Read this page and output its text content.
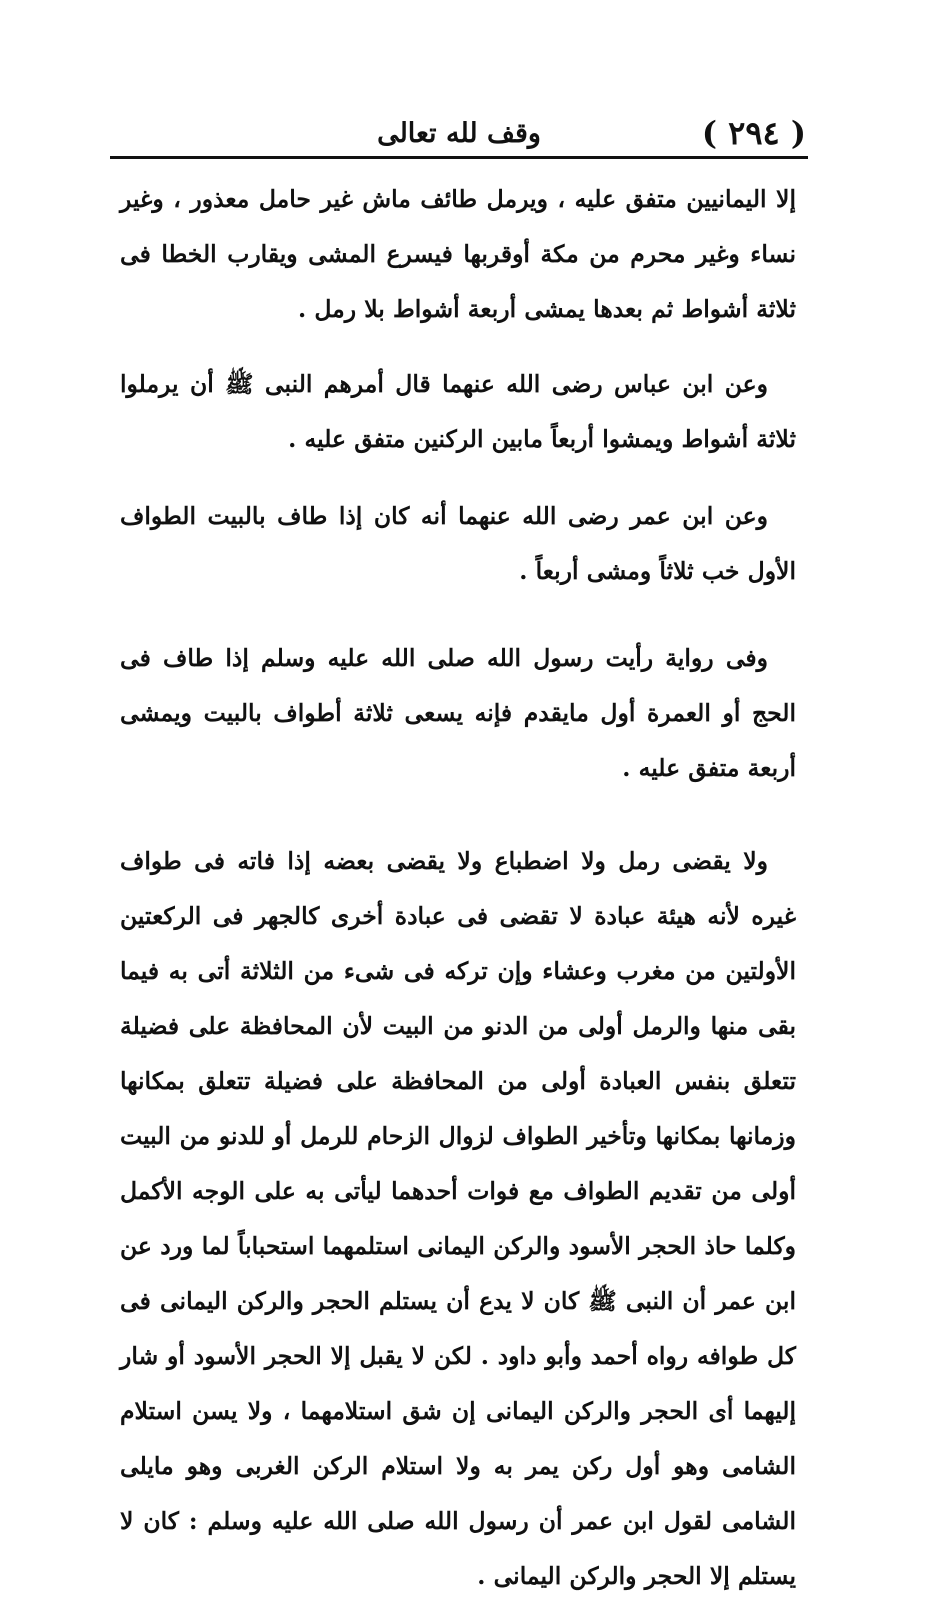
( ٢٩٤ )
وقف لله تعالى

إلا اليمانيين متفق عليه ، ويرمل طائف ماش غير حامل معذور ، وغير نساء وغير محرم من مكة أوقربها فيسرع المشى ويقارب الخطا فى ثلاثة أشواط ثم بعدها يمشى أربعة أشواط بلا رمل .

وعن ابن عباس رضى الله عنهما قال أمرهم النبى ﷺ أن يرملوا ثلاثة أشواط ويمشوا أربعاً مابين الركنين متفق عليه .

وعن ابن عمر رضى الله عنهما أنه كان إذا طاف بالبيت الطواف الأول خب ثلاثاً ومشى أربعاً .

وفى رواية رأيت رسول الله صلى الله عليه وسلم إذا طاف فى الحج أو العمرة أول مايقدم فإنه يسعى ثلاثة أطواف بالبيت ويمشى أربعة متفق عليه .

ولا يقضى رمل ولا اضطباع ولا يقضى بعضه إذا فاته فى طواف غيره لأنه هيئة عبادة لا تقضى فى عبادة أخرى كالجهر فى الركعتين الأولتين من مغرب وعشاء وإن تركه فى شىء من الثلاثة أتى به فيما بقى منها والرمل أولى من الدنو من البيت لأن المحافظة على فضيلة تتعلق بنفس العبادة أولى من المحافظة على فضيلة تتعلق بمكانها وزمانها بمكانها وتأخير الطواف لزوال الزحام للرمل أو للدنو من البيت أولى من تقديم الطواف مع فوات أحدهما ليأتى به على الوجه الأكمل وكلما حاذ الحجر الأسود والركن اليمانى استلمهما استحباباً لما ورد عن ابن عمر أن النبى ﷺ كان لا يدع أن يستلم الحجر والركن اليمانى فى كل طوافه رواه أحمد وأبو داود . لكن لا يقبل إلا الحجر الأسود أو شار إليهما أى الحجر والركن اليمانى إن شق استلامهما ، ولا يسن استلام الشامى وهو أول ركن يمر به ولا استلام الركن الغربى وهو مايلى الشامى لقول ابن عمر أن رسول الله صلى الله عليه وسلم : كان لا يستلم إلا الحجر والركن اليمانى .
